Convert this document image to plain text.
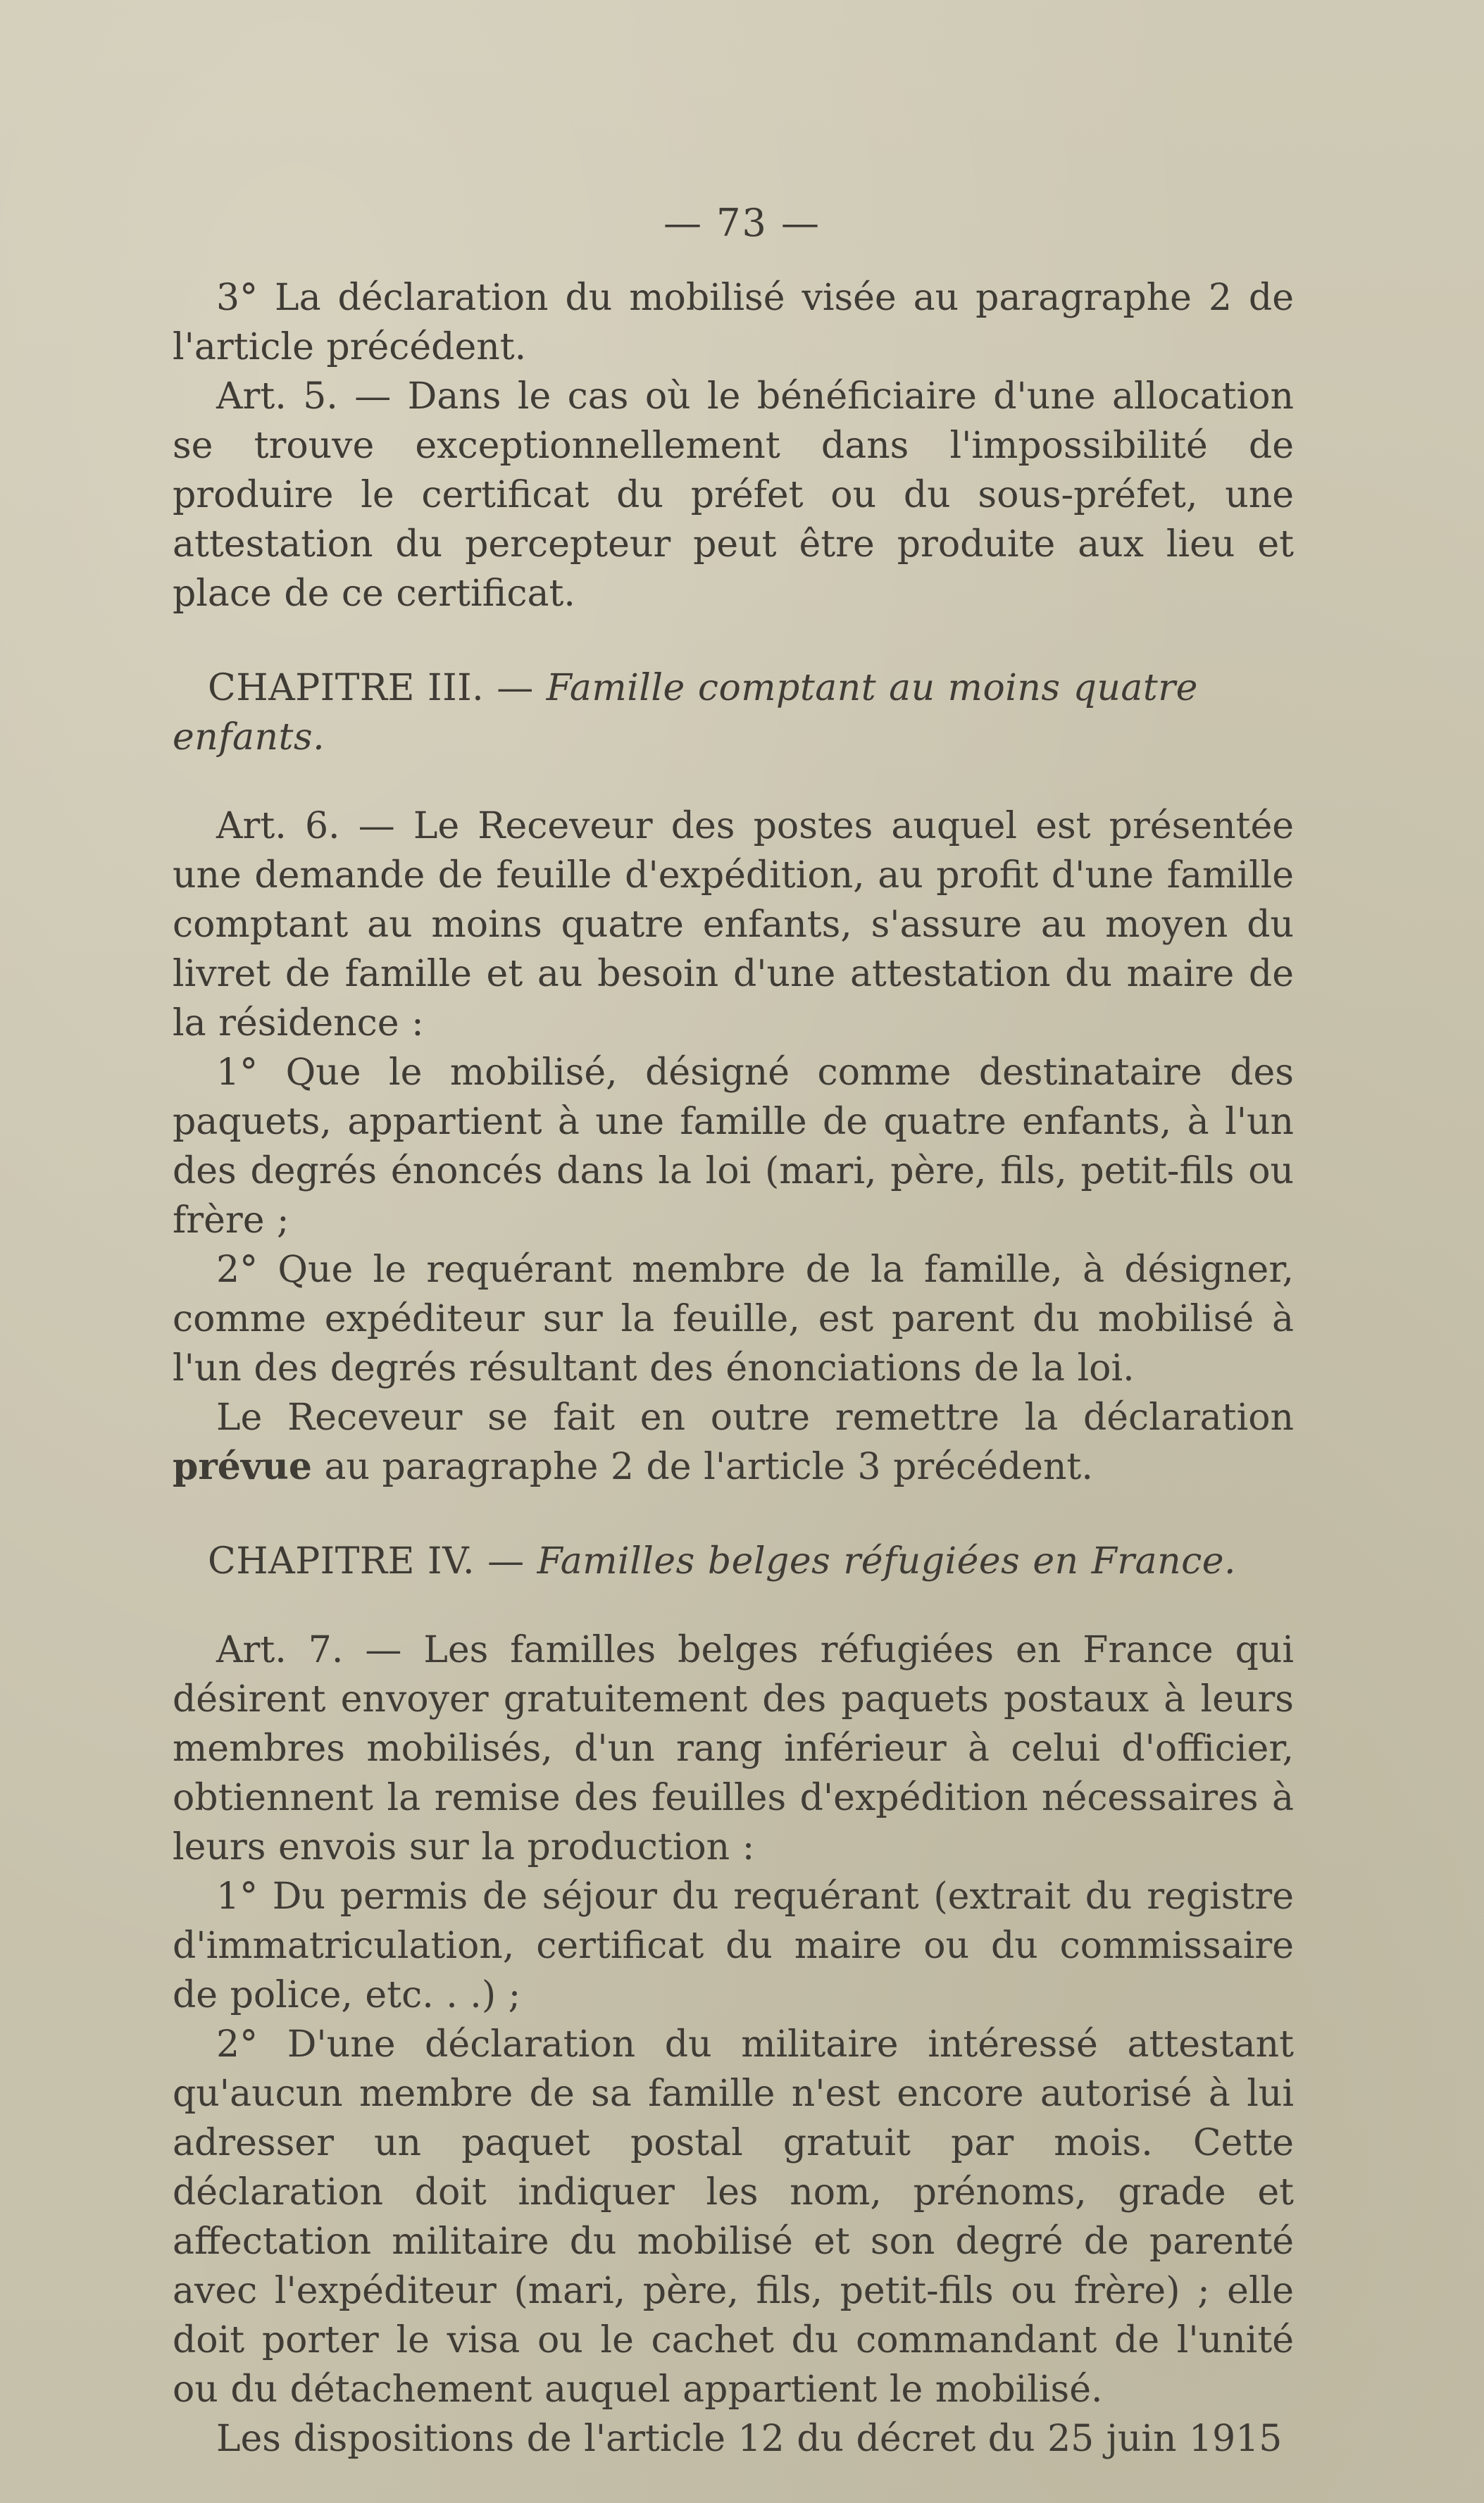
— 73 —

3° La déclaration du mobilisé visée au paragraphe 2 de l'article précédent.

Art. 5. — Dans le cas où le bénéficiaire d'une allocation se trouve exceptionnellement dans l'impossibilité de produire le certificat du préfet ou du sous-préfet, une attestation du percepteur peut être produite aux lieu et place de ce certificat.

CHAPITRE III. — Famille comptant au moins quatre enfants.

Art. 6. — Le Receveur des postes auquel est présentée une demande de feuille d'expédition, au profit d'une famille comptant au moins quatre enfants, s'assure au moyen du livret de famille et au besoin d'une attestation du maire de la résidence :

1° Que le mobilisé, désigné comme destinataire des paquets, appartient à une famille de quatre enfants, à l'un des degrés énoncés dans la loi (mari, père, fils, petit-fils ou frère ;

2° Que le requérant membre de la famille, à désigner, comme expéditeur sur la feuille, est parent du mobilisé à l'un des degrés résultant des énonciations de la loi.

Le Receveur se fait en outre remettre la déclaration prévue au paragraphe 2 de l'article 3 précédent.

CHAPITRE IV. — Familles belges réfugiées en France.

Art. 7. — Les familles belges réfugiées en France qui désirent envoyer gratuitement des paquets postaux à leurs membres mobilisés, d'un rang inférieur à celui d'officier, obtiennent la remise des feuilles d'expédition nécessaires à leurs envois sur la production :

1° Du permis de séjour du requérant (extrait du registre d'immatriculation, certificat du maire ou du commissaire de police, etc. . .) ;

2° D'une déclaration du militaire intéressé attestant qu'aucun membre de sa famille n'est encore autorisé à lui adresser un paquet postal gratuit par mois. Cette déclaration doit indiquer les nom, prénoms, grade et affectation militaire du mobilisé et son degré de parenté avec l'expéditeur (mari, père, fils, petit-fils ou frère) ; elle doit porter le visa ou le cachet du commandant de l'unité ou du détachement auquel appartient le mobilisé.

Les dispositions de l'article 12 du décret du 25 juin 1915
